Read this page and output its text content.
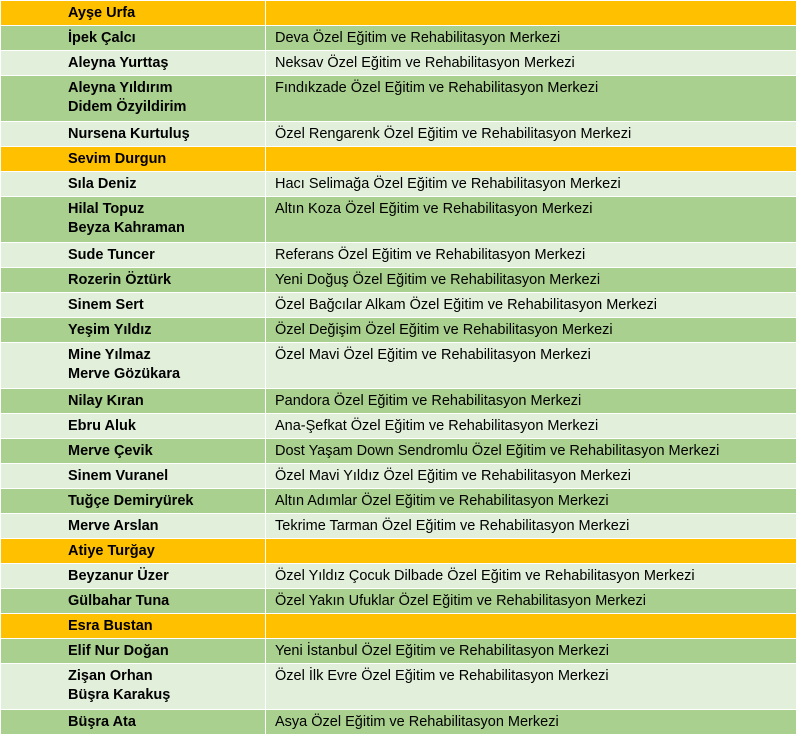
Ayşe Urfa	

İpek Çalcı	Deva Özel Eğitim ve Rehabilitasyon Merkezi

Aleyna Yurttaş	Neksav Özel Eğitim ve Rehabilitasyon Merkezi

Aleyna Yıldırım
Didem Özyildirim	Fındıkzade Özel Eğitim ve Rehabilitasyon Merkezi

Nursena Kurtuluş	Özel Rengarenk Özel Eğitim ve Rehabilitasyon Merkezi

Sevim Durgun	

Sıla Deniz	Hacı Selimağa Özel Eğitim ve Rehabilitasyon Merkezi

Hilal Topuz
Beyza Kahraman	Altın Koza Özel Eğitim ve Rehabilitasyon Merkezi

Sude Tuncer	Referans Özel Eğitim ve Rehabilitasyon Merkezi

Rozerin Öztürk	Yeni Doğuş Özel Eğitim ve Rehabilitasyon Merkezi

Sinem Sert	Özel Bağcılar Alkam Özel Eğitim ve Rehabilitasyon Merkezi

Yeşim Yıldız	Özel Değişim Özel Eğitim ve Rehabilitasyon Merkezi

Mine Yılmaz
Merve Gözükara	Özel Mavi Özel Eğitim ve Rehabilitasyon Merkezi

Nilay Kıran	Pandora Özel Eğitim ve Rehabilitasyon Merkezi

Ebru Aluk	Ana-Şefkat Özel Eğitim ve Rehabilitasyon Merkezi

Merve Çevik	Dost Yaşam Down Sendromlu Özel Eğitim ve Rehabilitasyon Merkezi

Sinem Vuranel	Özel Mavi Yıldız Özel Eğitim ve Rehabilitasyon Merkezi

Tuğçe Demiryürek	Altın Adımlar Özel Eğitim ve Rehabilitasyon Merkezi

Merve Arslan	Tekrime Tarman Özel Eğitim ve Rehabilitasyon Merkezi

Atiye Turğay	

Beyzanur Üzer	Özel Yıldız Çocuk Dilbade Özel Eğitim ve Rehabilitasyon Merkezi

Gülbahar Tuna	Özel Yakın Ufuklar Özel Eğitim ve Rehabilitasyon Merkezi

Esra Bustan	

Elif Nur Doğan	Yeni İstanbul Özel Eğitim ve Rehabilitasyon Merkezi

Zişan Orhan
Büşra Karakuş	Özel İlk Evre Özel Eğitim ve Rehabilitasyon Merkezi

Büşra Ata	Asya Özel Eğitim ve Rehabilitasyon Merkezi
